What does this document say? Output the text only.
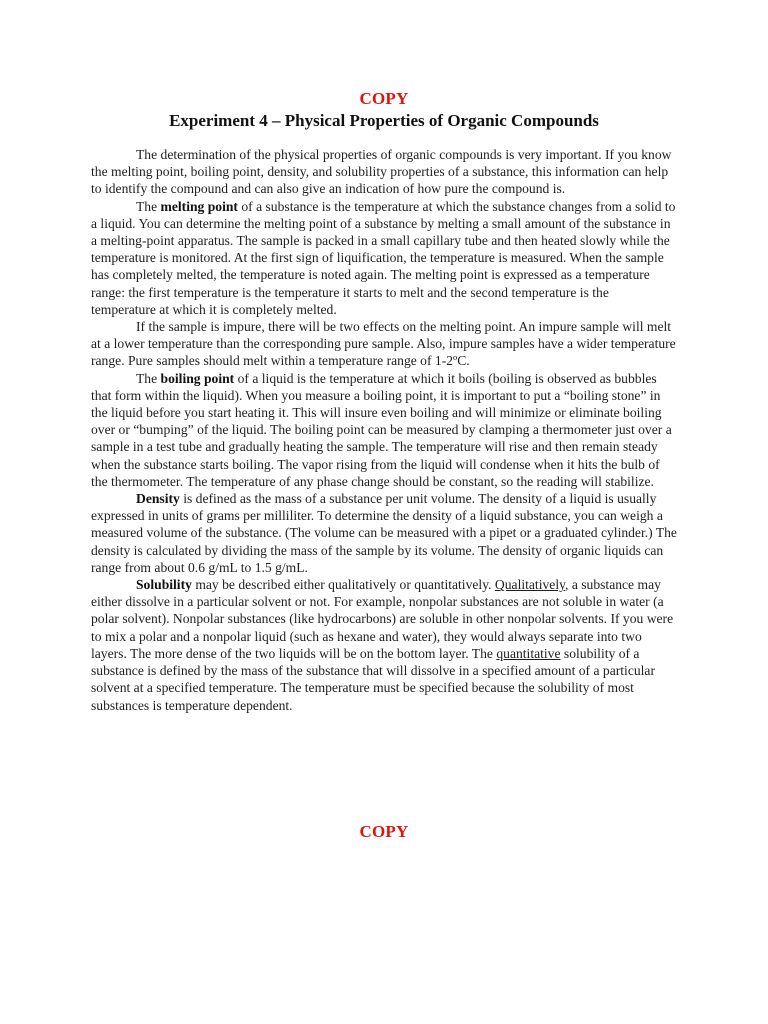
COPY
Experiment 4 – Physical Properties of Organic Compounds

The determination of the physical properties of organic compounds is very important. If you know the melting point, boiling point, density, and solubility properties of a substance, this information can help to identify the compound and can also give an indication of how pure the compound is.

The melting point of a substance is the temperature at which the substance changes from a solid to a liquid. You can determine the melting point of a substance by melting a small amount of the substance in a melting-point apparatus. The sample is packed in a small capillary tube and then heated slowly while the temperature is monitored. At the first sign of liquification, the temperature is measured. When the sample has completely melted, the temperature is noted again. The melting point is expressed as a temperature range: the first temperature is the temperature it starts to melt and the second temperature is the temperature at which it is completely melted.

If the sample is impure, there will be two effects on the melting point. An impure sample will melt at a lower temperature than the corresponding pure sample. Also, impure samples have a wider temperature range. Pure samples should melt within a temperature range of 1-2ºC.

The boiling point of a liquid is the temperature at which it boils (boiling is observed as bubbles that form within the liquid). When you measure a boiling point, it is important to put a “boiling stone” in the liquid before you start heating it. This will insure even boiling and will minimize or eliminate boiling over or “bumping” of the liquid. The boiling point can be measured by clamping a thermometer just over a sample in a test tube and gradually heating the sample. The temperature will rise and then remain steady when the substance starts boiling. The vapor rising from the liquid will condense when it hits the bulb of the thermometer. The temperature of any phase change should be constant, so the reading will stabilize.

Density is defined as the mass of a substance per unit volume. The density of a liquid is usually expressed in units of grams per milliliter. To determine the density of a liquid substance, you can weigh a measured volume of the substance. (The volume can be measured with a pipet or a graduated cylinder.) The density is calculated by dividing the mass of the sample by its volume. The density of organic liquids can range from about 0.6 g/mL to 1.5 g/mL.

Solubility may be described either qualitatively or quantitatively. Qualitatively, a substance may either dissolve in a particular solvent or not. For example, nonpolar substances are not soluble in water (a polar solvent). Nonpolar substances (like hydrocarbons) are soluble in other nonpolar solvents. If you were to mix a polar and a nonpolar liquid (such as hexane and water), they would always separate into two layers. The more dense of the two liquids will be on the bottom layer. The quantitative solubility of a substance is defined by the mass of the substance that will dissolve in a specified amount of a particular solvent at a specified temperature. The temperature must be specified because the solubility of most substances is temperature dependent.

COPY
